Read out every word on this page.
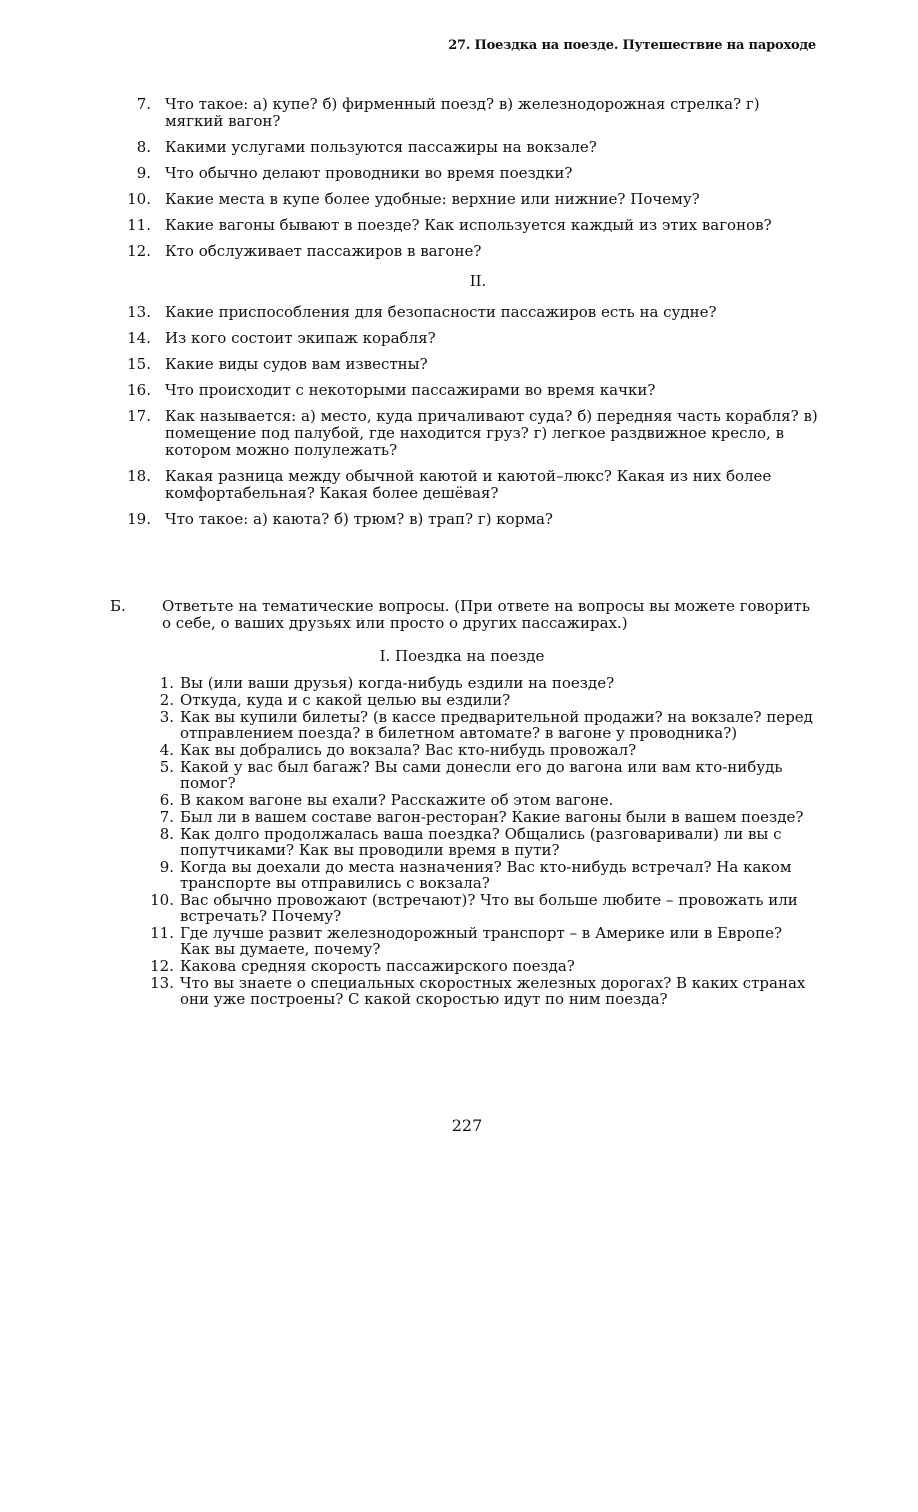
27. Поездка на поезде. Путешествие на пароходе
7. Что такое: а) купе? б) фирменный поезд? в) железнодорожная стрелка? г) мягкий вагон?
8. Какими услугами пользуются пассажиры на вокзале?
9. Что обычно делают проводники во время поездки?
10. Какие места в купе более удобные: верхние или нижние? Почему?
11. Какие вагоны бывают в поезде? Как используется каждый из этих вагонов?
12. Кто обслуживает пассажиров в вагоне?
II.
13. Какие приспособления для безопасности пассажиров есть на судне?
14. Из кого состоит экипаж корабля?
15. Какие виды судов вам известны?
16. Что происходит с некоторыми пассажирами во время качки?
17. Как называется: а) место, куда причаливают суда? б) передняя часть корабля? в) помещение под палубой, где находится груз? г) легкое раздвижное кресло, в котором можно полулежать?
18. Какая разница между обычной каютой и каютой–люкс? Какая из них более комфортабельная? Какая более дешёвая?
19. Что такое: а) каюта? б) трюм? в) трап? г) корма?
Б. Ответьте на тематические вопросы. (При ответе на вопросы вы можете говорить о себе, о ваших друзьях или просто о других пассажирах.)
I. Поездка на поезде
1. Вы (или ваши друзья) когда-нибудь ездили на поезде?
2. Откуда, куда и с какой целью вы ездили?
3. Как вы купили билеты? (в кассе предварительной продажи? на вокзале? перед отправлением поезда? в билетном автомате? в вагоне у проводника?)
4. Как вы добрались до вокзала? Вас кто-нибудь провожал?
5. Какой у вас был багаж? Вы сами донесли его до вагона или вам кто-нибудь помог?
6. В каком вагоне вы ехали? Расскажите об этом вагоне.
7. Был ли в вашем составе вагон-ресторан? Какие вагоны были в вашем поезде?
8. Как долго продолжалась ваша поездка? Общались (разговаривали) ли вы с попутчиками? Как вы проводили время в пути?
9. Когда вы доехали до места назначения? Вас кто-нибудь встречал? На каком транспорте вы отправились с вокзала?
10. Вас обычно провожают (встречают)? Что вы больше любите – провожать или встречать? Почему?
11. Где лучше развит железнодорожный транспорт – в Америке или в Европе? Как вы думаете, почему?
12. Какова средняя скорость пассажирского поезда?
13. Что вы знаете о специальных скоростных железных дорогах? В каких странах они уже построены? С какой скоростью идут по ним поезда?
227
